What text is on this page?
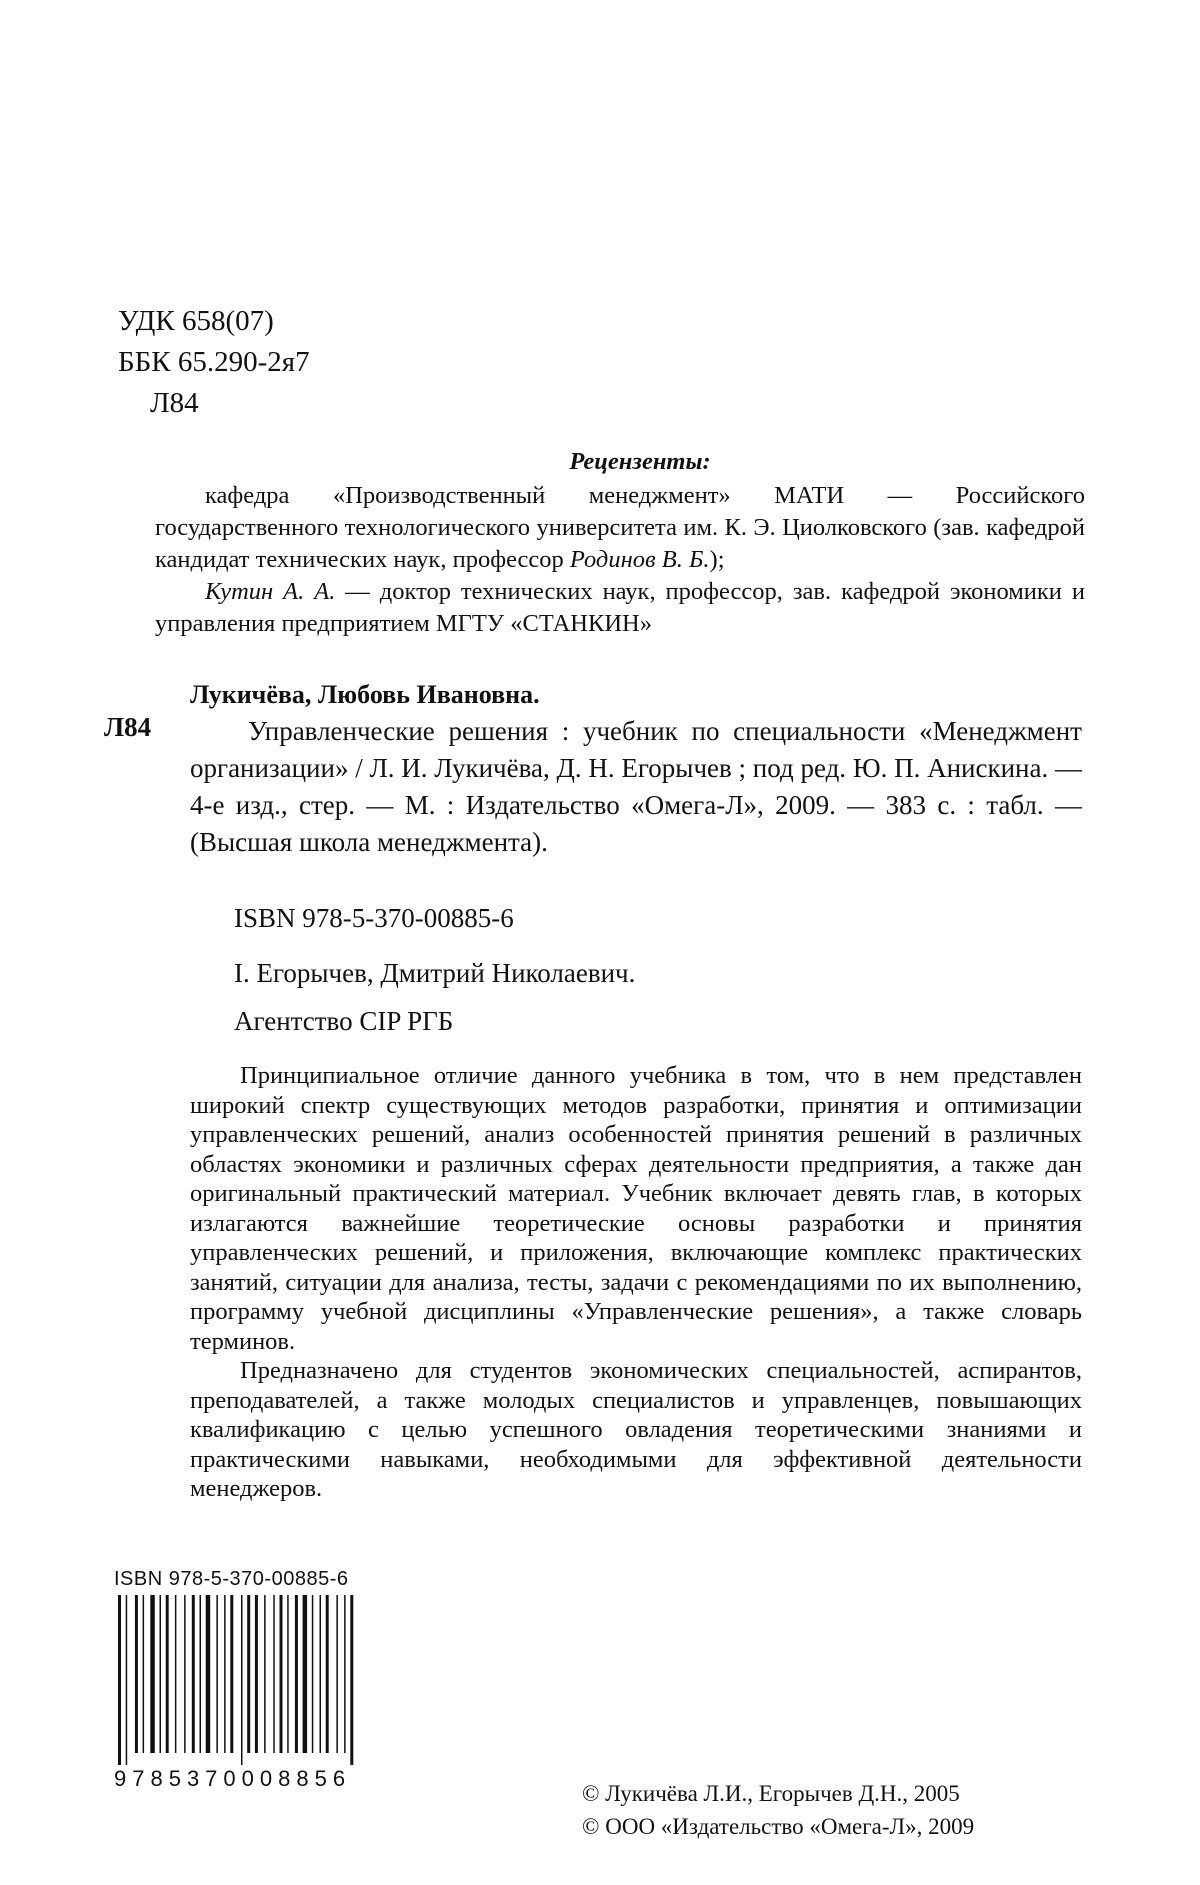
УДК 658(07)
ББК 65.290-2я7
Л84
Рецензенты:

кафедра «Производственный менеджмент» МАТИ — Российского государственного технологического университета им. К. Э. Циолковского (зав. кафедрой кандидат технических наук, профессор Родинов В. Б.);

Кутин А. А. — доктор технических наук, профессор, зав. кафедрой экономики и управления предприятием МГТУ «СТАНКИН»

Лукичёва, Любовь Ивановна.
Л84	Управленческие решения : учебник по специальности «Менеджмент организации» / Л. И. Лукичёва, Д. Н. Егорычев ; под ред. Ю. П. Анискина. — 4-е изд., стер. — М. : Издательство «Омега-Л», 2009. — 383 с. : табл. — (Высшая школа менеджмента).

ISBN 978-5-370-00885-6
I. Егорычев, Дмитрий Николаевич.
Агентство CIP РГБ

Принципиальное отличие данного учебника в том, что в нем представлен широкий спектр существующих методов разработки, принятия и оптимизации управленческих решений, анализ особенностей принятия решений в различных областях экономики и различных сферах деятельности предприятия, а также дан оригинальный практический материал. Учебник включает девять глав, в которых излагаются важнейшие теоретические основы разработки и принятия управленческих решений, и приложения, включающие комплекс практических занятий, ситуации для анализа, тесты, задачи с рекомендациями по их выполнению, программу учебной дисциплины «Управленческие решения», а также словарь терминов.

Предназначено для студентов экономических специальностей, аспирантов, преподавателей, а также молодых специалистов и управленцев, повышающих квалификацию с целью успешного овладения теоретическими знаниями и практическими навыками, необходимыми для эффективной деятельности менеджеров.

ISBN 978-5-370-00885-6
9785370008856
© Лукичёва Л.И., Егорычев Д.Н., 2005
© ООО «Издательство «Омега-Л», 2009
